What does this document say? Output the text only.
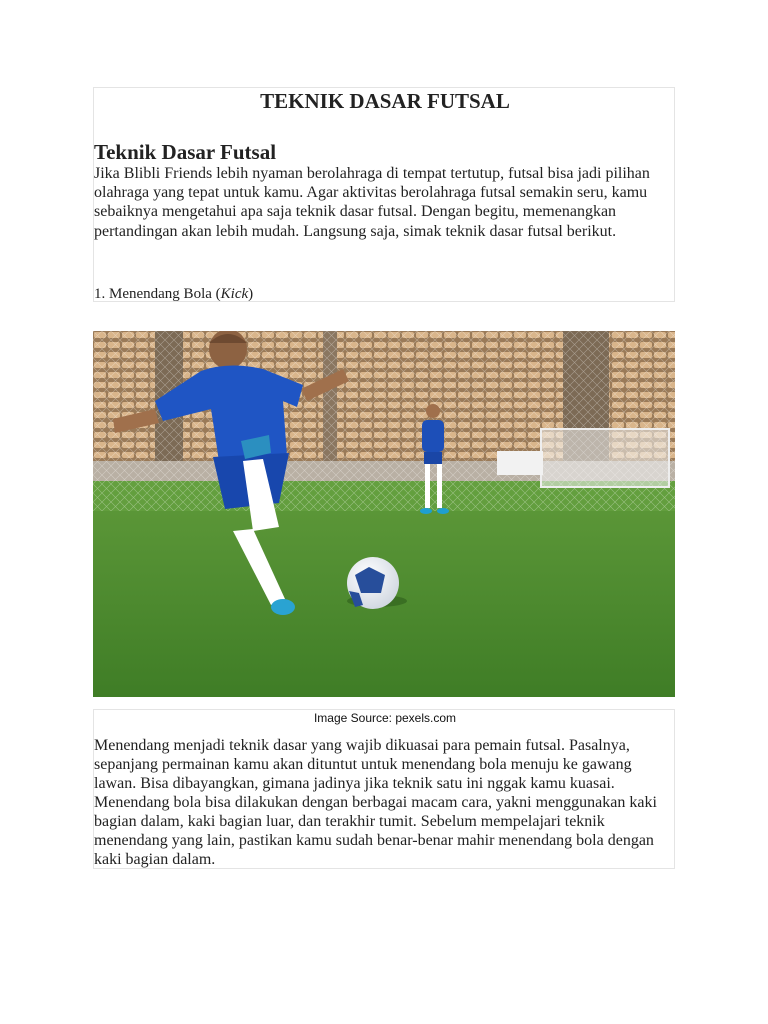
TEKNIK DASAR FUTSAL
Teknik Dasar Futsal

Jika Blibli Friends lebih nyaman berolahraga di tempat tertutup, futsal bisa jadi pilihan olahraga yang tepat untuk kamu. Agar aktivitas berolahraga futsal semakin seru, kamu sebaiknya mengetahui apa saja teknik dasar futsal. Dengan begitu, memenangkan pertandingan akan lebih mudah. Langsung saja, simak teknik dasar futsal berikut.

1. Menendang Bola (Kick)
Image Source: pexels.com

Menendang menjadi teknik dasar yang wajib dikuasai para pemain futsal. Pasalnya, sepanjang permainan kamu akan dituntut untuk menendang bola menuju ke gawang lawan. Bisa dibayangkan, gimana jadinya jika teknik satu ini nggak kamu kuasai. Menendang bola bisa dilakukan dengan berbagai macam cara, yakni menggunakan kaki bagian dalam, kaki bagian luar, dan terakhir tumit. Sebelum mempelajari teknik menendang yang lain, pastikan kamu sudah benar-benar mahir menendang bola dengan kaki bagian dalam.
